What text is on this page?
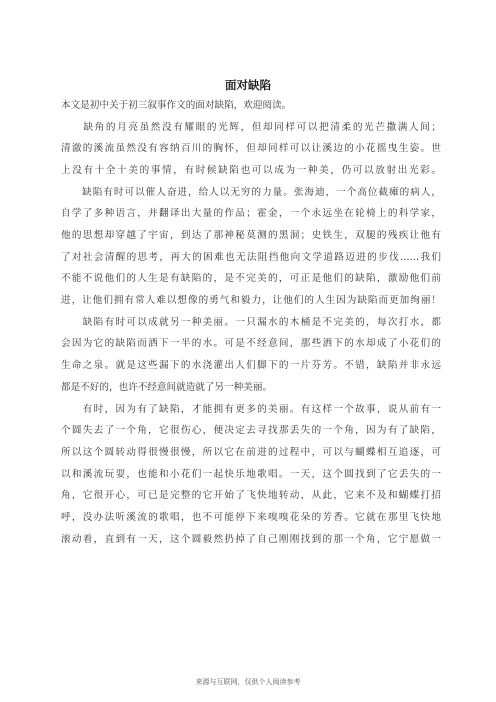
面对缺陷
本文是初中关于初三叙事作文的面对缺陷，欢迎阅读。
　　缺角的月亮虽然没有耀眼的光辉，但却同样可以把清柔的光芒撒满人间；
清澈的溪流虽然没有容纳百川的胸怀，但却同样可以让溪边的小花摇曳生姿。世
上没有十全十美的事情，有时候缺陷也可以成为一种美，仍可以放射出光彩。
　　缺陷有时可以催人奋进，给人以无穷的力量。张海迪，一个高位截瘫的病人，
自学了多种语言，并翻译出大量的作品；霍金，一个永远坐在轮椅上的科学家，
他的思想却穿越了宇宙，到达了那神秘莫测的黑洞；史铁生，双腿的残疾让他有
了对社会清醒的思考，再大的困难也无法阻挡他向文学道路迈进的步伐……我们
不能不说他们的人生是有缺陷的，是不完美的，可正是他们的缺陷，激励他们前
进，让他们拥有常人难以想像的勇气和毅力，让他们的人生因为缺陷而更加绚丽！
　　缺陷有时可以成就另一种美丽。一只漏水的木桶是不完美的，每次打水，都
会因为它的缺陷而洒下一半的水。可是不经意间，那些洒下的水却成了小花们的
生命之泉。就是这些漏下的水浇灌出人们脚下的一片芬芳。不错，缺陷并非永远
都是不好的，也许不经意间就造就了另一种美丽。
　　有时，因为有了缺陷，才能拥有更多的美丽。有这样一个故事，说从前有一
个圆失去了一个角，它很伤心，便决定去寻找那丢失的一个角，因为有了缺陷，
所以这个圆转动得很慢很慢，所以它在前进的过程中，可以与蝴蝶相互追逐，可
以和溪流玩耍，也能和小花们一起快乐地歌唱。一天，这个圆找到了它丢失的一
角，它很开心，可已是完整的它开始了飞快地转动，从此，它来不及和蝴蝶打招
呼，没办法听溪流的歌唱，也不可能停下来嗅嗅花朵的芳香。它就在那里飞快地
滚动着，直到有一天，这个圆毅然扔掉了自己刚刚找到的那一个角，它宁愿做一
来源与互联网，仅供个人阅读参考
